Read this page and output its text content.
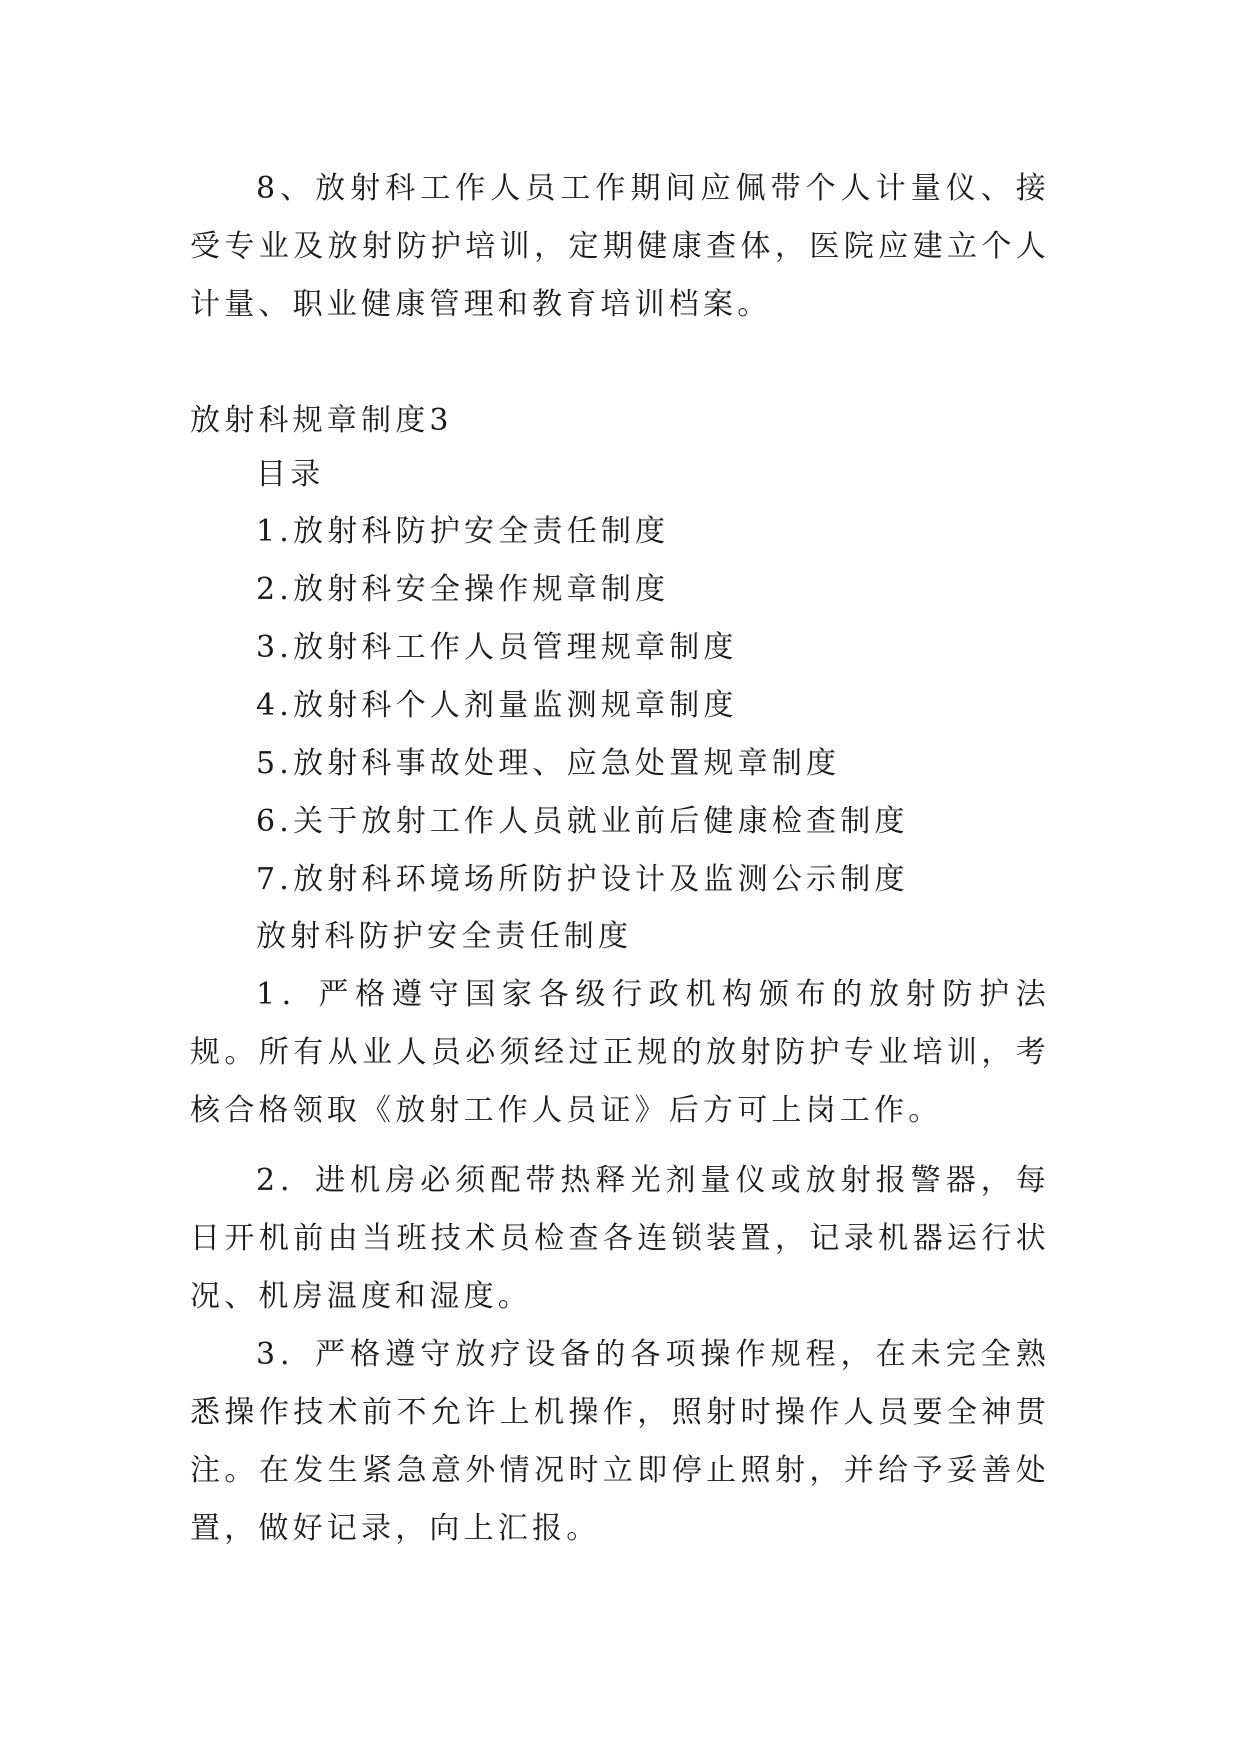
8、放射科工作人员工作期间应佩带个人计量仪、接受专业及放射防护培训，定期健康查体，医院应建立个人计量、职业健康管理和教育培训档案。

放射科规章制度3

目录

1.放射科防护安全责任制度

2.放射科安全操作规章制度

3.放射科工作人员管理规章制度

4.放射科个人剂量监测规章制度

5.放射科事故处理、应急处置规章制度

6.关于放射工作人员就业前后健康检查制度

7.放射科环境场所防护设计及监测公示制度

放射科防护安全责任制度

1．严格遵守国家各级行政机构颁布的放射防护法规。所有从业人员必须经过正规的放射防护专业培训，考核合格领取《放射工作人员证》后方可上岗工作。

2．进机房必须配带热释光剂量仪或放射报警器，每日开机前由当班技术员检查各连锁装置，记录机器运行状况、机房温度和湿度。

3．严格遵守放疗设备的各项操作规程，在未完全熟悉操作技术前不允许上机操作，照射时操作人员要全神贯注。在发生紧急意外情况时立即停止照射，并给予妥善处置，做好记录，向上汇报。
